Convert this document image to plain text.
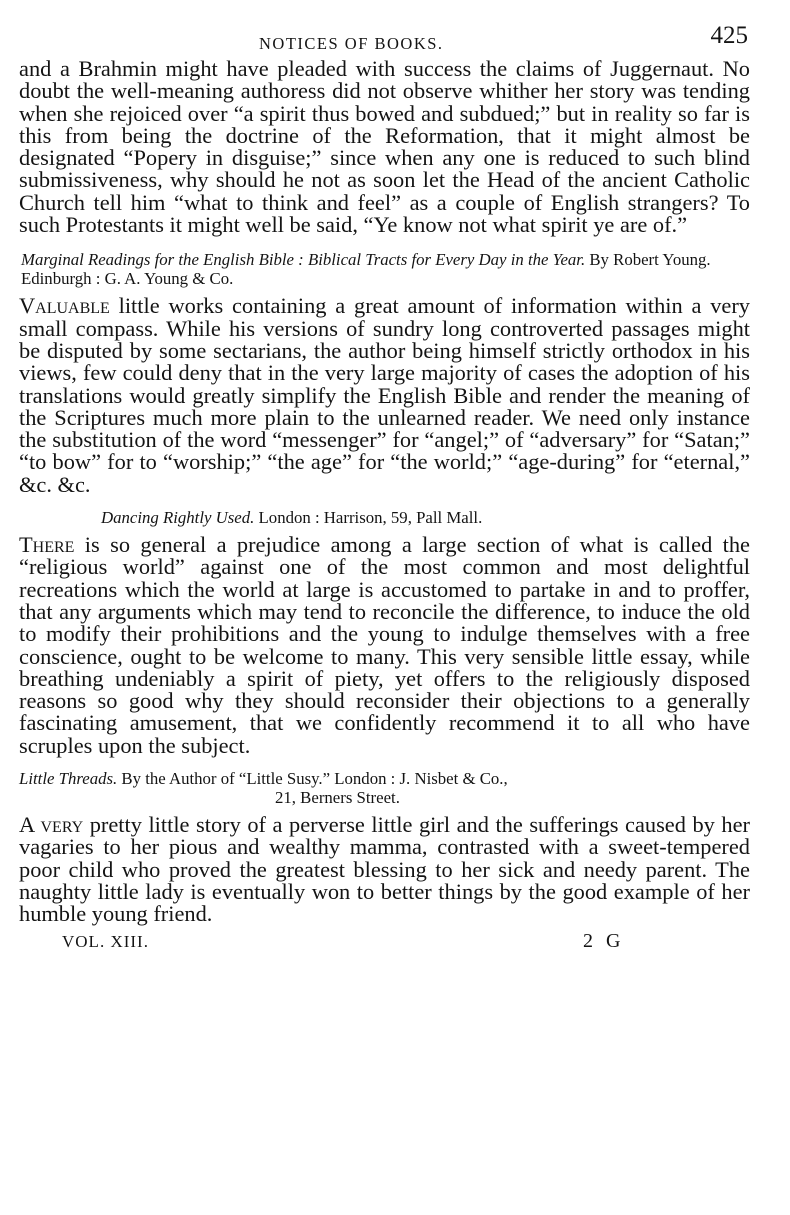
NOTICES OF BOOKS.	425

and a Brahmin might have pleaded with success the claims of Juggernaut. No doubt the well-meaning authoress did not observe whither her story was tending when she rejoiced over “a spirit thus bowed and subdued;” but in reality so far is this from being the doctrine of the Reformation, that it might almost be designated “Popery in disguise;” since when any one is reduced to such blind submissiveness, why should he not as soon let the Head of the ancient Catholic Church tell him “what to think and feel” as a couple of English strangers? To such Protestants it might well be said, “Ye know not what spirit ye are of.”

Marginal Readings for the English Bible : Biblical Tracts for Every Day in the Year. By Robert Young. Edinburgh : G. A. Young & Co.

Valuable little works containing a great amount of information within a very small compass. While his versions of sundry long controverted passages might be disputed by some sectarians, the author being himself strictly orthodox in his views, few could deny that in the very large majority of cases the adoption of his translations would greatly simplify the English Bible and render the meaning of the Scriptures much more plain to the unlearned reader. We need only instance the substitution of the word “messenger” for “angel;” of “adversary” for “Satan;” “to bow” for to “worship;” “the age” for “the world;” “age-during” for “eternal,” &c. &c.

Dancing Rightly Used. London : Harrison, 59, Pall Mall.

There is so general a prejudice among a large section of what is called the “religious world” against one of the most common and most delightful recreations which the world at large is accustomed to partake in and to proffer, that any arguments which may tend to reconcile the difference, to induce the old to modify their prohibitions and the young to indulge themselves with a free conscience, ought to be welcome to many. This very sensible little essay, while breathing undeniably a spirit of piety, yet offers to the religiously disposed reasons so good why they should reconsider their objections to a generally fascinating amusement, that we confidently recommend it to all who have scruples upon the subject.

Little Threads. By the Author of “Little Susy.” London : J. Nisbet & Co.,
21, Berners Street.

A very pretty little story of a perverse little girl and the sufferings caused by her vagaries to her pious and wealthy mamma, contrasted with a sweet-tempered poor child who proved the greatest blessing to her sick and needy parent. The naughty little lady is eventually won to better things by the good example of her humble young friend.

VOL. XIII.	2 G
